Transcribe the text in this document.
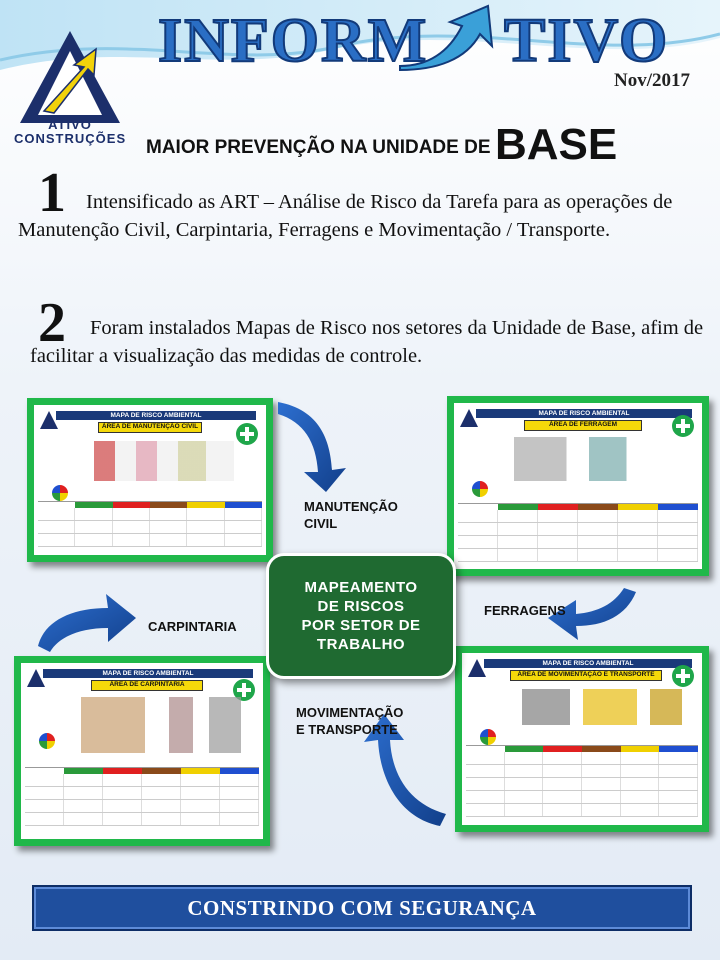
ATIVO
CONSTRUÇÕES
INFORM TIVO
Nov/2017
MAIOR PREVENÇÃO NA UNIDADE DE BASE
1 Intensificado as ART – Análise de Risco da Tarefa para as operações de Manutenção Civil, Carpintaria, Ferragens e Movimentação / Transporte.
2	Foram instalados Mapas de Risco nos setores da Unidade de Base, afim de facilitar a visualização das medidas de controle.
MAPA DE RISCO AMBIENTAL
ÁREA DE MANUTENÇÃO CIVIL
MAPA DE RISCO AMBIENTAL
ÁREA DE FERRAGEM
MAPA DE RISCO AMBIENTAL
ÁREA DE CARPINTARIA
MAPA DE RISCO AMBIENTAL
ÁREA DE MOVIMENTAÇÃO E TRANSPORTE
MANUTENÇÃO
CIVIL
FERRAGENS
CARPINTARIA
MOVIMENTAÇÃO
E TRANSPORTE
MAPEAMENTO
DE RISCOS
POR SETOR DE
TRABALHO
CONSTRINDO COM SEGURANÇA
